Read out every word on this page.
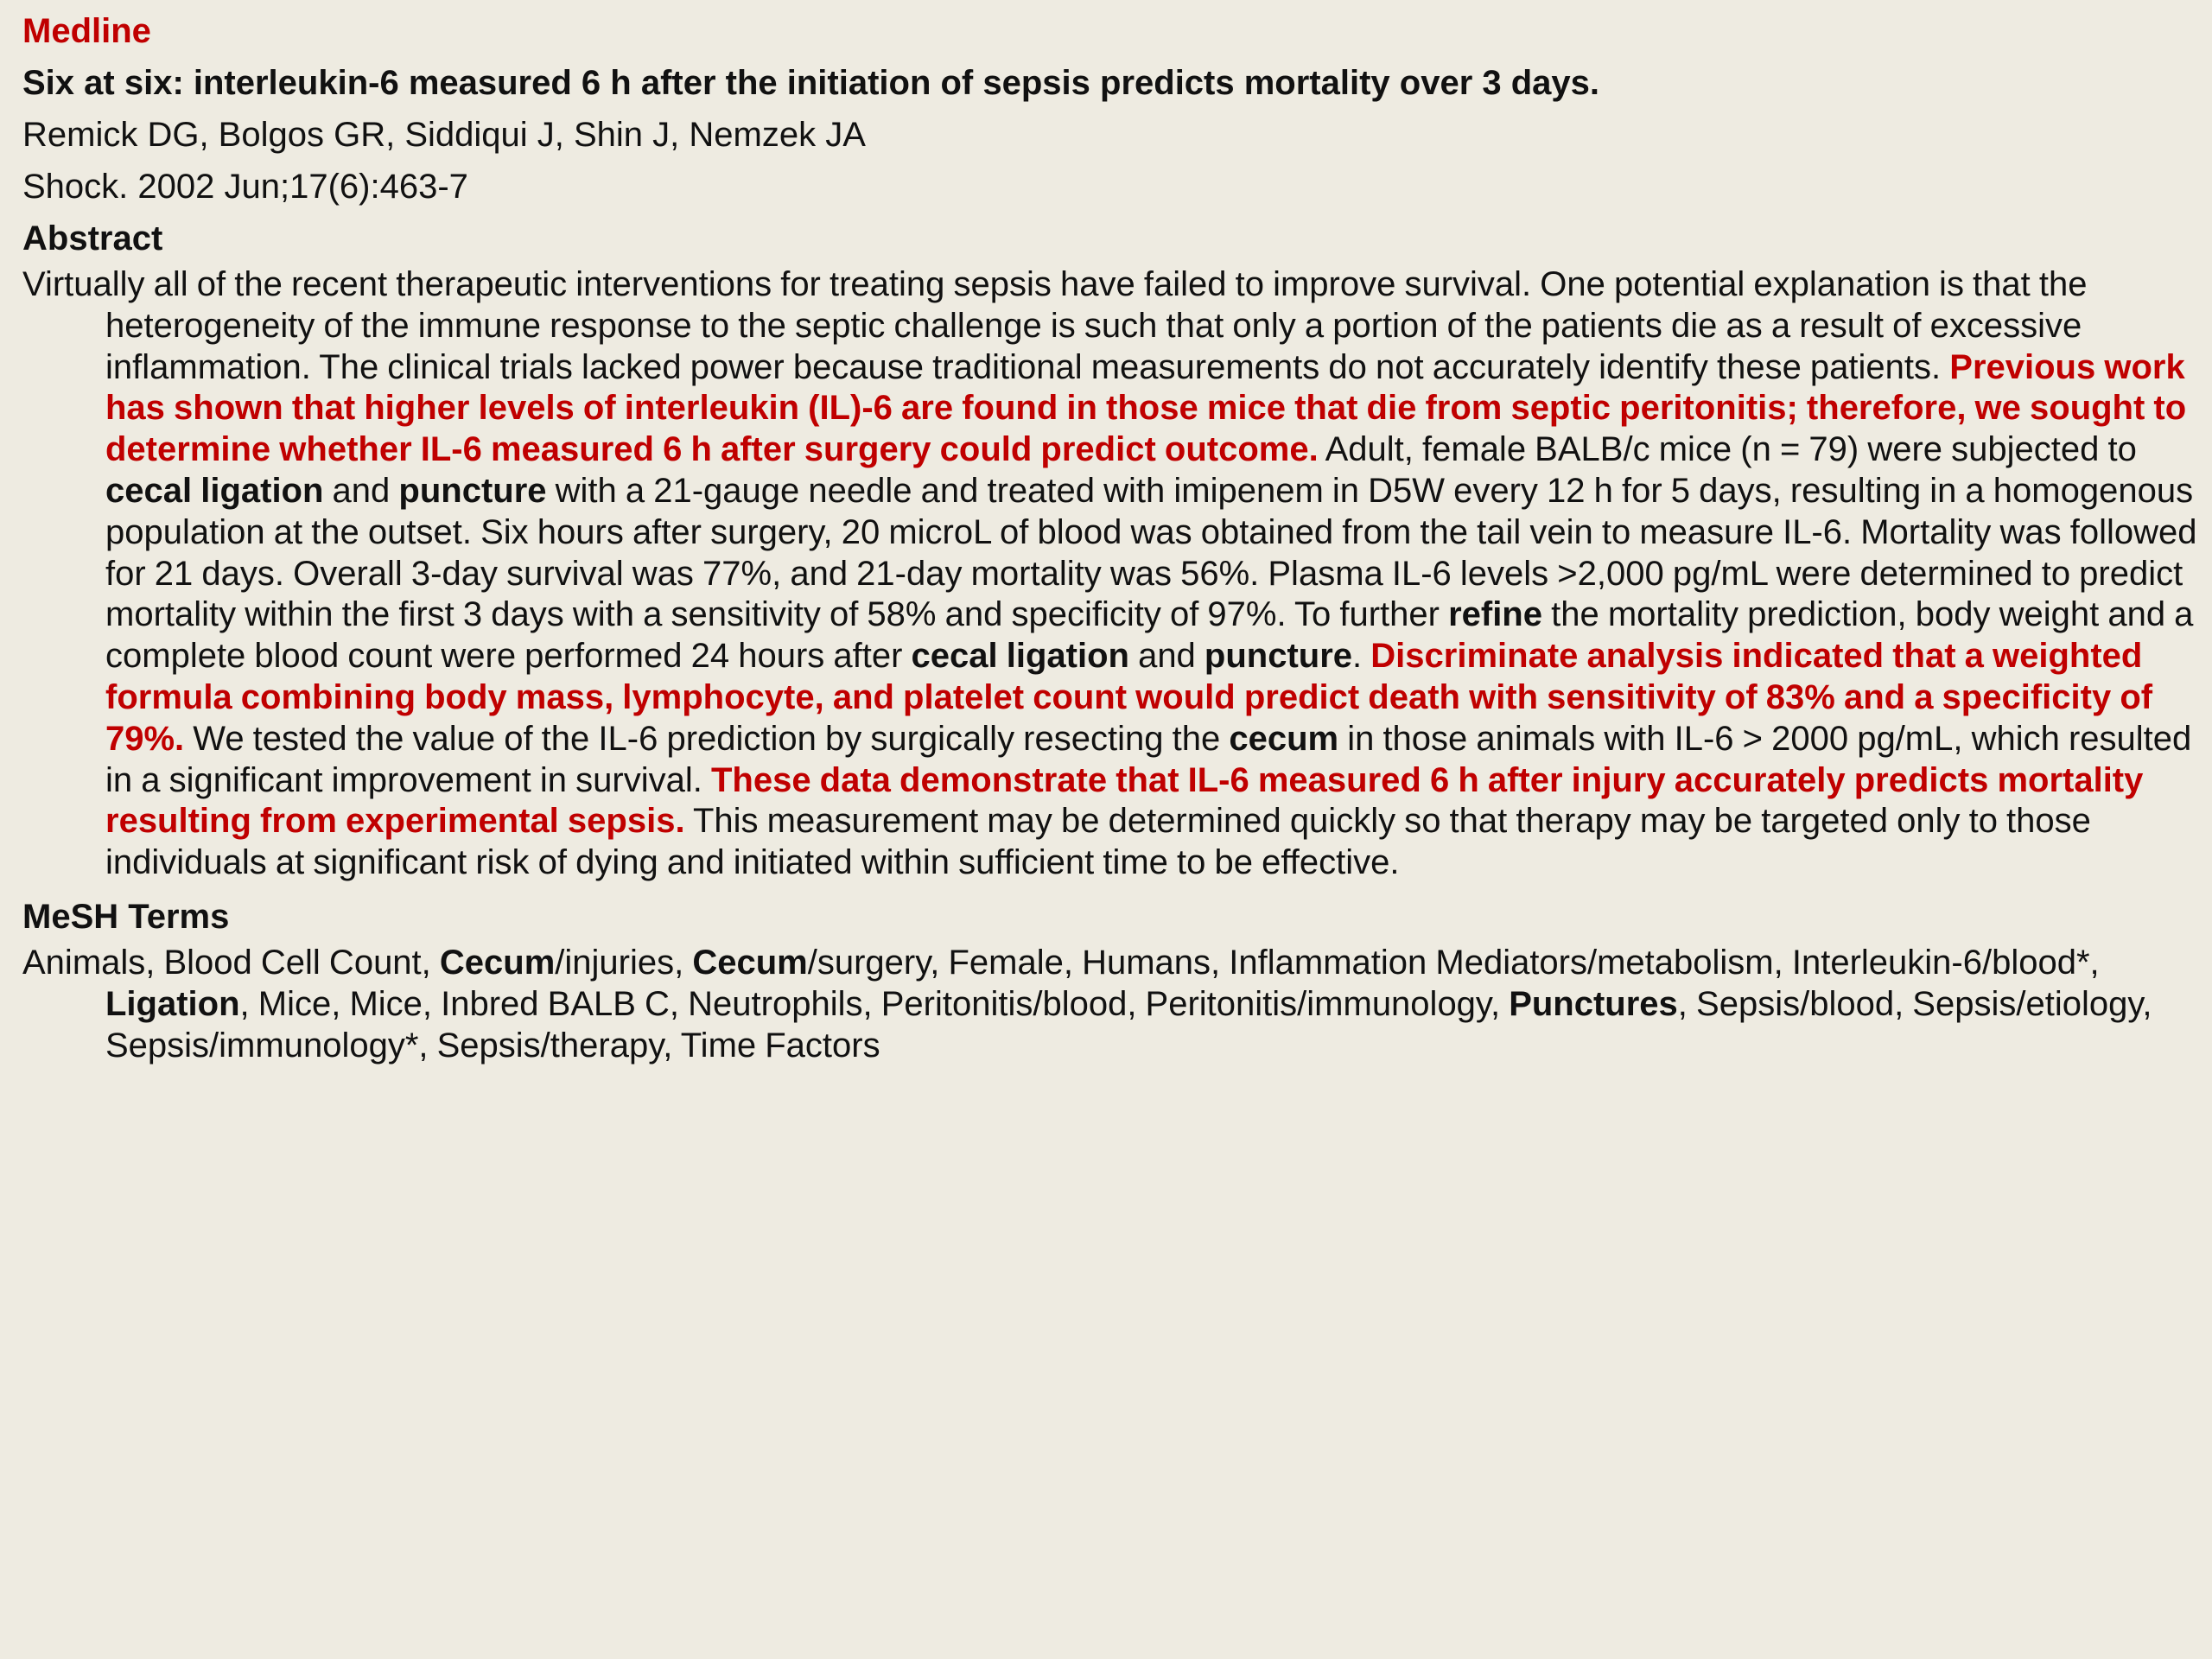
Medline
Six at six: interleukin-6 measured 6 h after the initiation of sepsis predicts mortality over 3 days.
Remick DG, Bolgos GR, Siddiqui J, Shin J, Nemzek JA
Shock. 2002 Jun;17(6):463-7
Abstract
Virtually all of the recent therapeutic interventions for treating sepsis have failed to improve survival. One potential explanation is that the heterogeneity of the immune response to the septic challenge is such that only a portion of the patients die as a result of excessive inflammation. The clinical trials lacked power because traditional measurements do not accurately identify these patients. Previous work has shown that higher levels of interleukin (IL)-6 are found in those mice that die from septic peritonitis; therefore, we sought to determine whether IL-6 measured 6 h after surgery could predict outcome. Adult, female BALB/c mice (n = 79) were subjected to cecal ligation and puncture with a 21-gauge needle and treated with imipenem in D5W every 12 h for 5 days, resulting in a homogenous population at the outset. Six hours after surgery, 20 microL of blood was obtained from the tail vein to measure IL-6. Mortality was followed for 21 days. Overall 3-day survival was 77%, and 21-day mortality was 56%. Plasma IL-6 levels >2,000 pg/mL were determined to predict mortality within the first 3 days with a sensitivity of 58% and specificity of 97%. To further refine the mortality prediction, body weight and a complete blood count were performed 24 hours after cecal ligation and puncture. Discriminate analysis indicated that a weighted formula combining body mass, lymphocyte, and platelet count would predict death with sensitivity of 83% and a specificity of 79%. We tested the value of the IL-6 prediction by surgically resecting the cecum in those animals with IL-6 > 2000 pg/mL, which resulted in a significant improvement in survival. These data demonstrate that IL-6 measured 6 h after injury accurately predicts mortality resulting from experimental sepsis. This measurement may be determined quickly so that therapy may be targeted only to those individuals at significant risk of dying and initiated within sufficient time to be effective.
MeSH Terms
Animals, Blood Cell Count, Cecum/injuries, Cecum/surgery, Female, Humans, Inflammation Mediators/metabolism, Interleukin-6/blood*, Ligation, Mice, Mice, Inbred BALB C, Neutrophils, Peritonitis/blood, Peritonitis/immunology, Punctures, Sepsis/blood, Sepsis/etiology, Sepsis/immunology*, Sepsis/therapy, Time Factors
